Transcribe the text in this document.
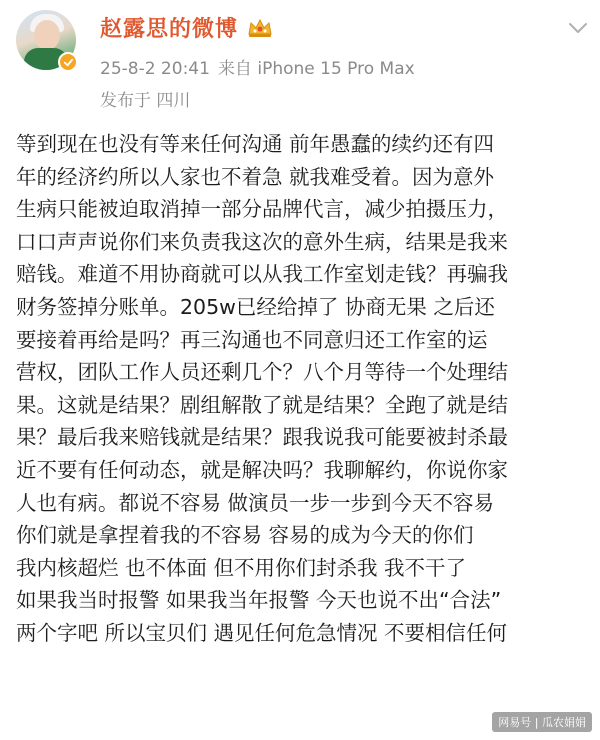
赵露思的微博
25-8-2 20:41 来自 iPhone 15 Pro Max
发布于 四川
等到现在也没有等来任何沟通 前年愚蠢的续约还有四
年的经济约所以人家也不着急 就我难受着。因为意外
生病只能被迫取消掉一部分品牌代言，减少拍摄压力，
口口声声说你们来负责我这次的意外生病，结果是我来
赔钱。难道不用协商就可以从我工作室划走钱？再骗我
财务签掉分账单。205w已经给掉了 协商无果 之后还
要接着再给是吗？再三沟通也不同意归还工作室的运
营权，团队工作人员还剩几个？八个月等待一个处理结
果。这就是结果？剧组解散了就是结果？全跑了就是结
果？最后我来赔钱就是结果？跟我说我可能要被封杀最
近不要有任何动态，就是解决吗？我聊解约，你说你家
人也有病。都说不容易 做演员一步一步到今天不容易
你们就是拿捏着我的不容易 容易的成为今天的你们
我内核超烂 也不体面 但不用你们封杀我 我不干了
如果我当时报警 如果我当年报警 今天也说不出“合法”
两个字吧 所以宝贝们 遇见任何危急情况 不要相信任何
网易号 | 瓜农娟娟
